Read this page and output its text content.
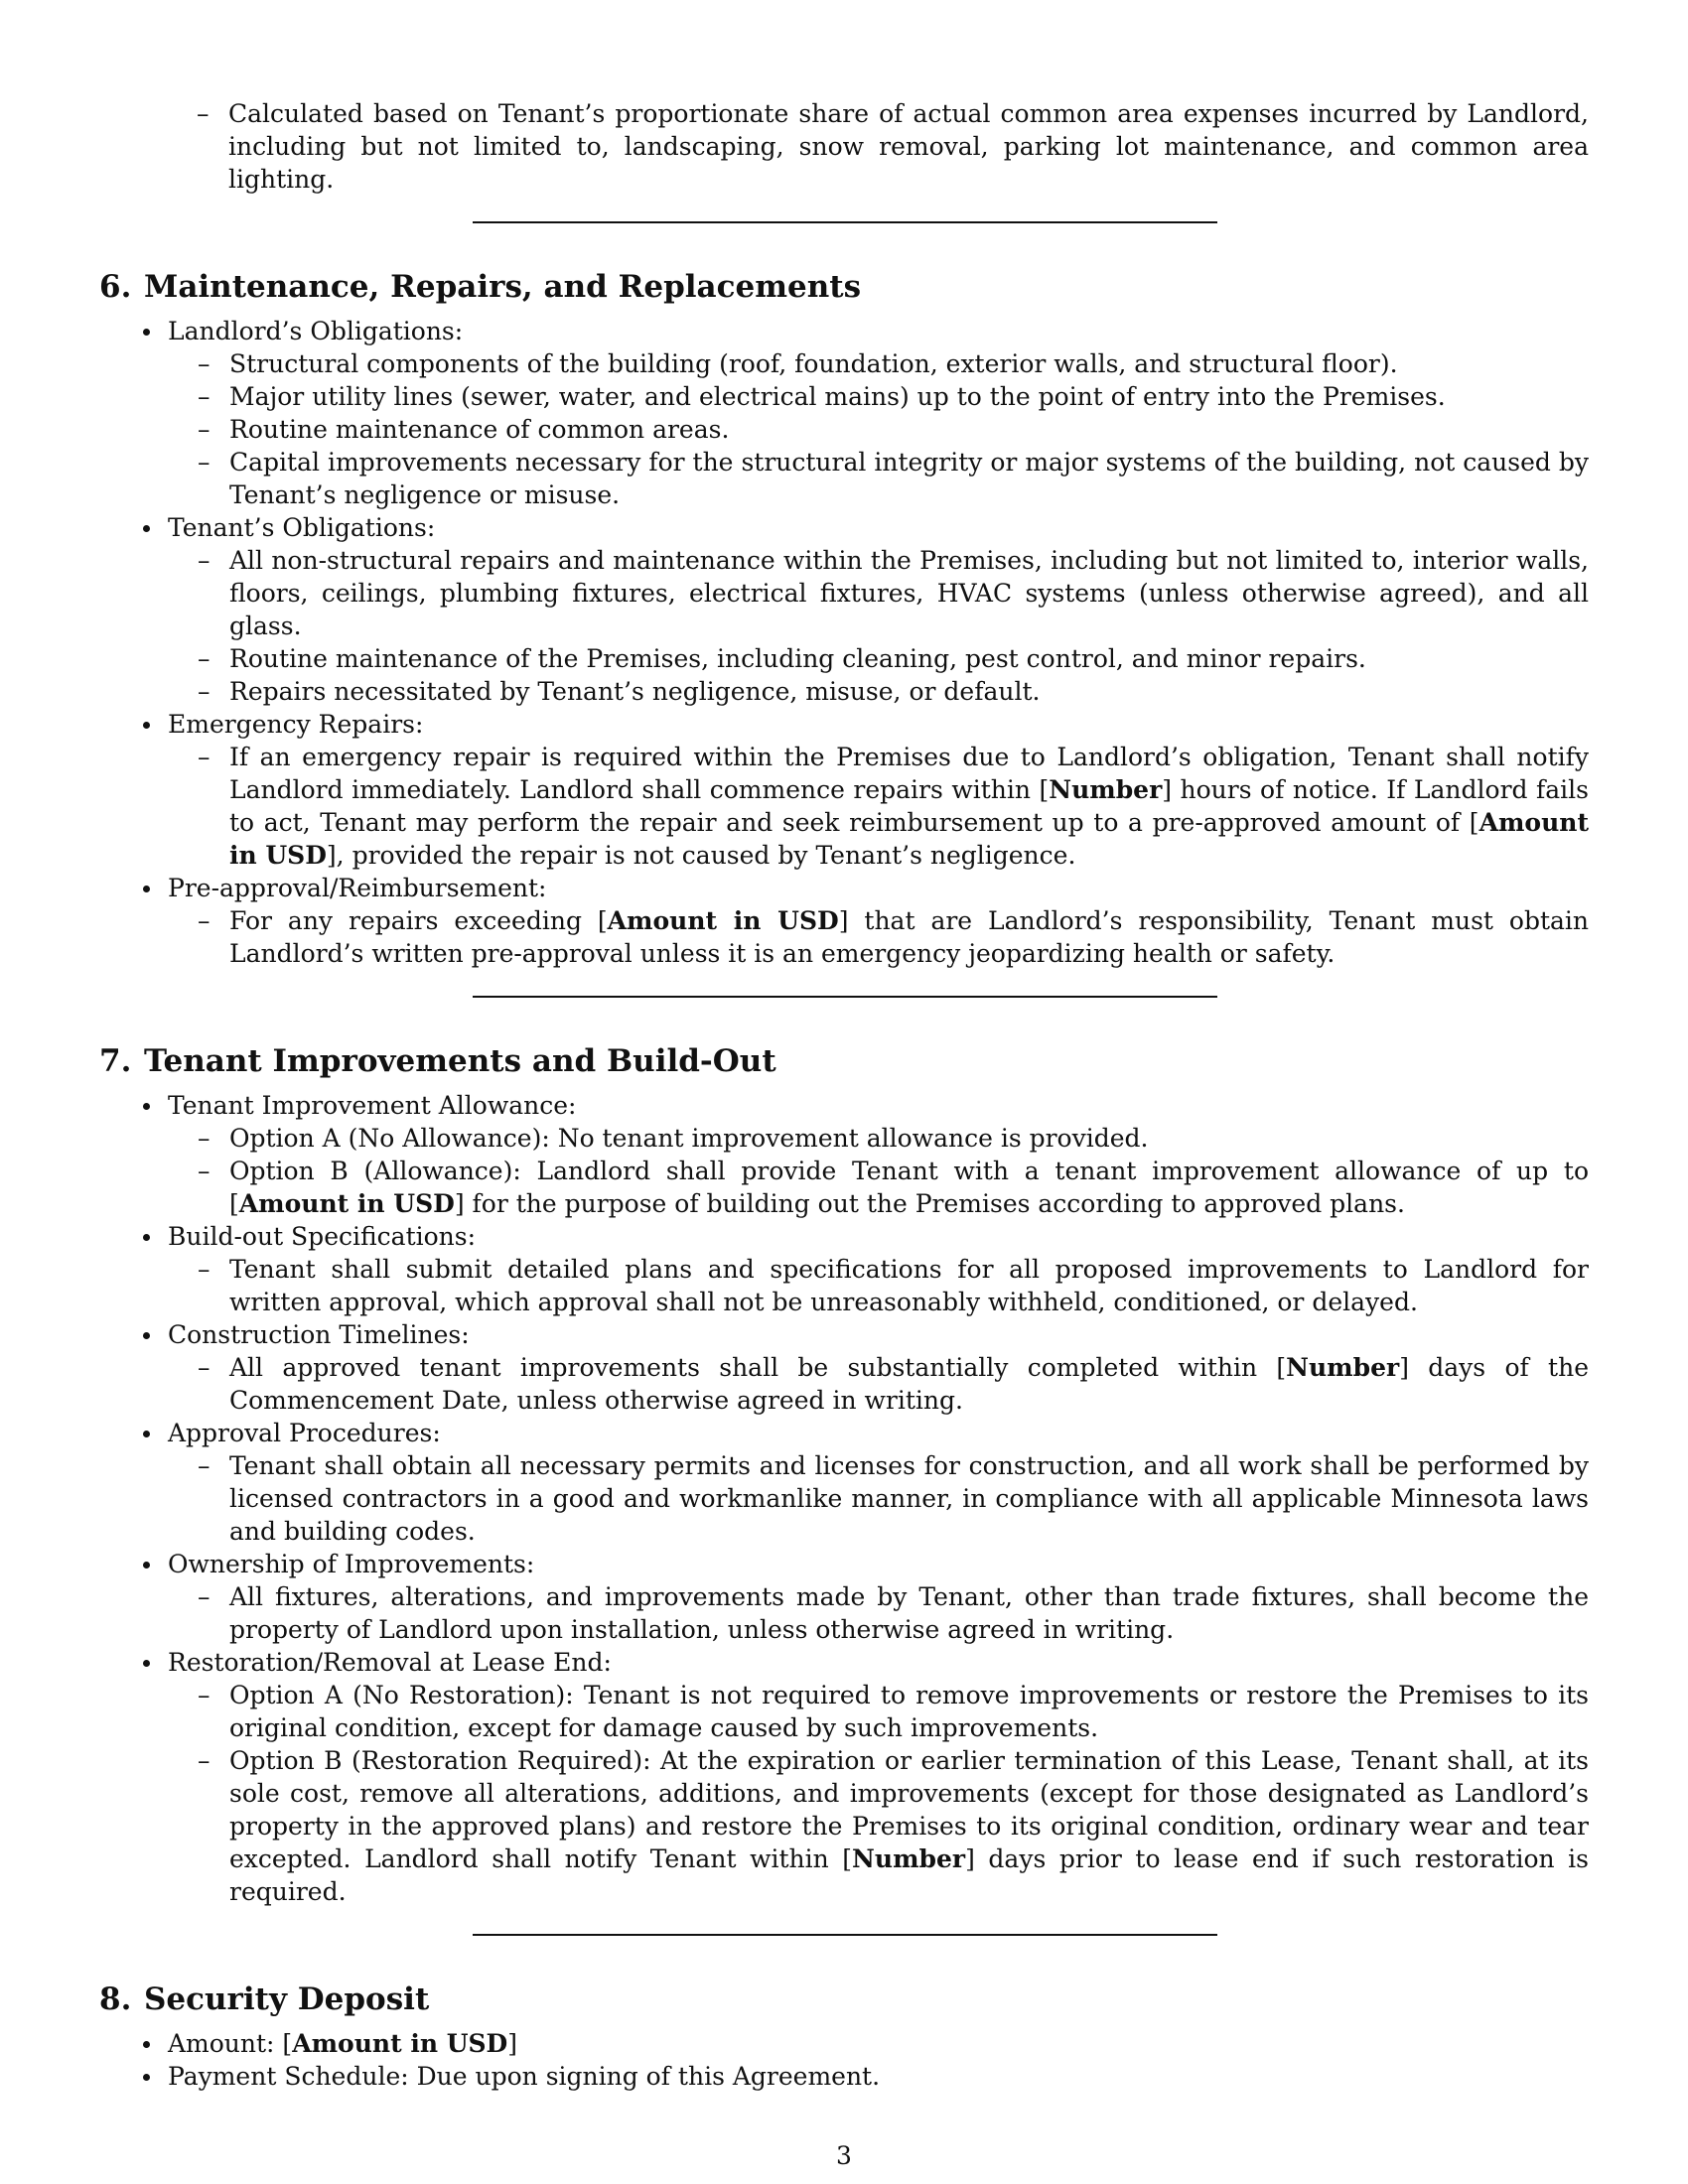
– Calculated based on Tenant’s proportionate share of actual common area expenses incurred by Landlord, including but not limited to, landscaping, snow removal, parking lot maintenance, and common area lighting.
6. Maintenance, Repairs, and Replacements
Landlord’s Obligations:
– Structural components of the building (roof, foundation, exterior walls, and structural floor).
– Major utility lines (sewer, water, and electrical mains) up to the point of entry into the Premises.
– Routine maintenance of common areas.
– Capital improvements necessary for the structural integrity or major systems of the building, not caused by Tenant’s negligence or misuse.
Tenant’s Obligations:
– All non-structural repairs and maintenance within the Premises, including but not limited to, interior walls, floors, ceilings, plumbing fixtures, electrical fixtures, HVAC systems (unless otherwise agreed), and all glass.
– Routine maintenance of the Premises, including cleaning, pest control, and minor repairs.
– Repairs necessitated by Tenant’s negligence, misuse, or default.
Emergency Repairs:
– If an emergency repair is required within the Premises due to Landlord’s obligation, Tenant shall notify Landlord immediately. Landlord shall commence repairs within [Number] hours of notice. If Landlord fails to act, Tenant may perform the repair and seek reimbursement up to a pre-approved amount of [Amount in USD], provided the repair is not caused by Tenant’s negligence.
Pre-approval/Reimbursement:
– For any repairs exceeding [Amount in USD] that are Landlord’s responsibility, Tenant must obtain Landlord’s written pre-approval unless it is an emergency jeopardizing health or safety.
7. Tenant Improvements and Build-Out
Tenant Improvement Allowance:
– Option A (No Allowance): No tenant improvement allowance is provided.
– Option B (Allowance): Landlord shall provide Tenant with a tenant improvement allowance of up to [Amount in USD] for the purpose of building out the Premises according to approved plans.
Build-out Specifications:
– Tenant shall submit detailed plans and specifications for all proposed improvements to Landlord for written approval, which approval shall not be unreasonably withheld, conditioned, or delayed.
Construction Timelines:
– All approved tenant improvements shall be substantially completed within [Number] days of the Commencement Date, unless otherwise agreed in writing.
Approval Procedures:
– Tenant shall obtain all necessary permits and licenses for construction, and all work shall be performed by licensed contractors in a good and workmanlike manner, in compliance with all applicable Minnesota laws and building codes.
Ownership of Improvements:
– All fixtures, alterations, and improvements made by Tenant, other than trade fixtures, shall become the property of Landlord upon installation, unless otherwise agreed in writing.
Restoration/Removal at Lease End:
– Option A (No Restoration): Tenant is not required to remove improvements or restore the Premises to its original condition, except for damage caused by such improvements.
– Option B (Restoration Required): At the expiration or earlier termination of this Lease, Tenant shall, at its sole cost, remove all alterations, additions, and improvements (except for those designated as Landlord’s property in the approved plans) and restore the Premises to its original condition, ordinary wear and tear excepted. Landlord shall notify Tenant within [Number] days prior to lease end if such restoration is required.
8. Security Deposit
Amount: [Amount in USD]
Payment Schedule: Due upon signing of this Agreement.
3
